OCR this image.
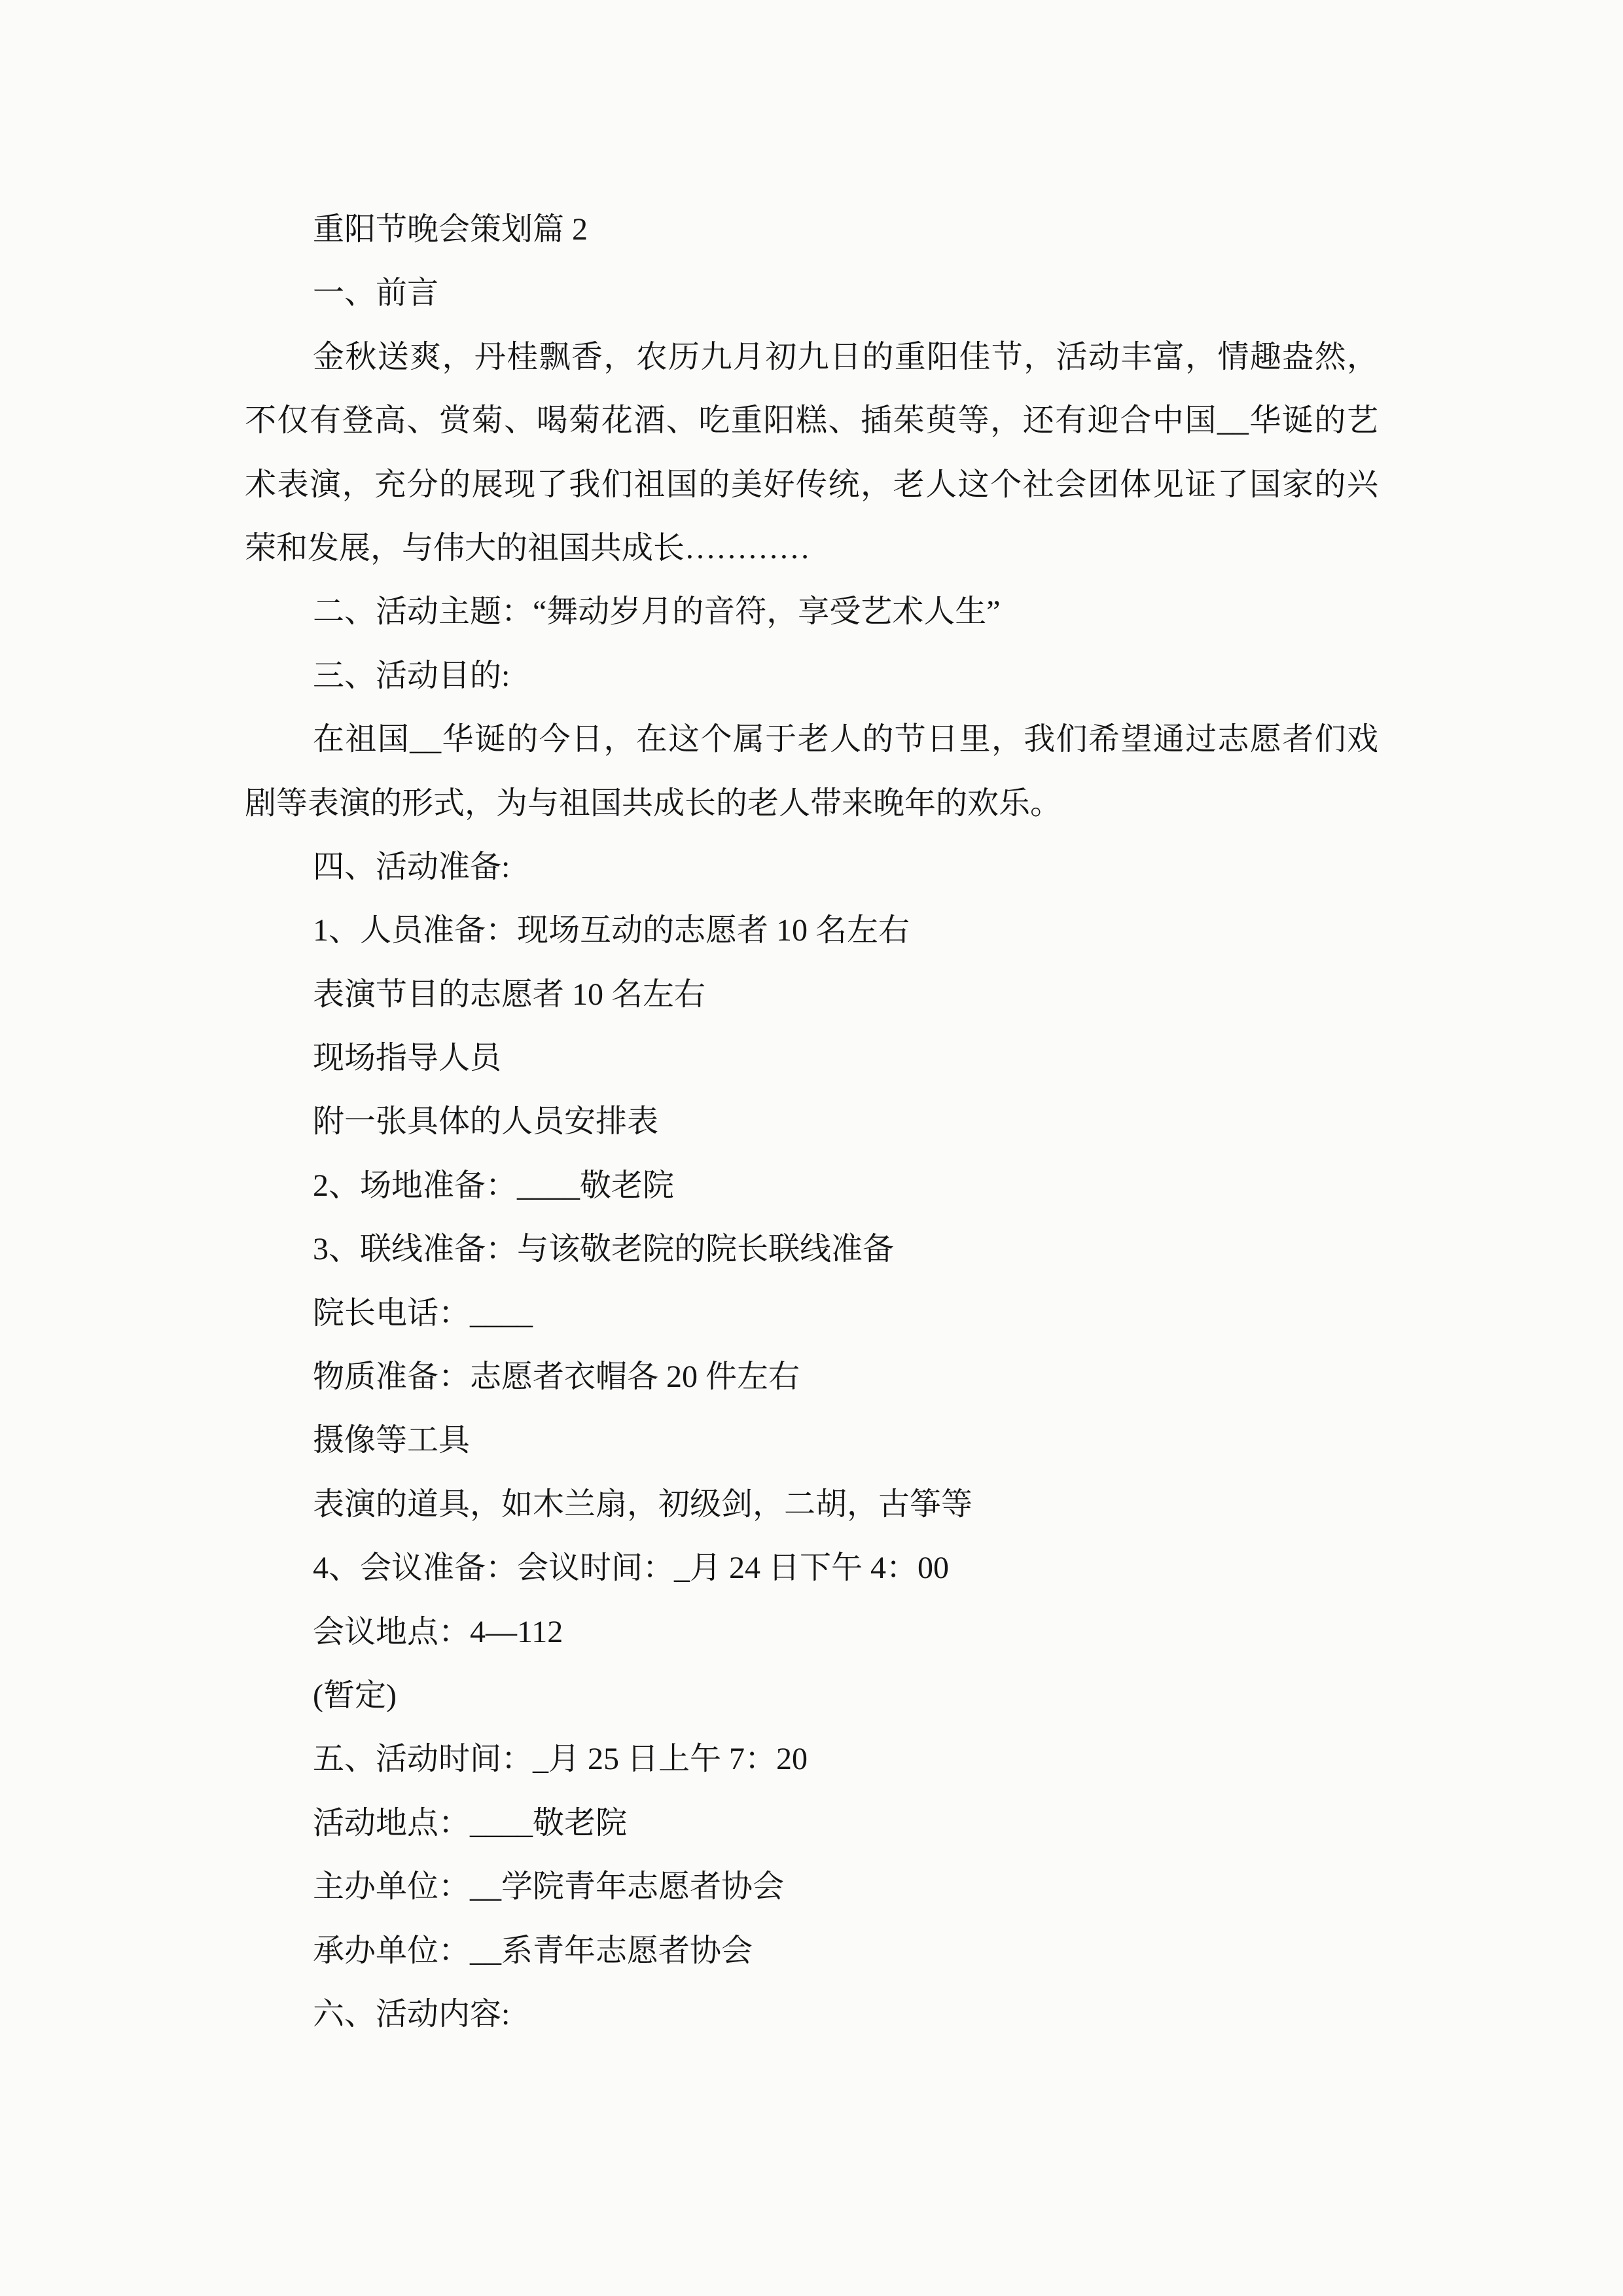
重阳节晚会策划篇 2
一、前言
金秋送爽，丹桂飘香，农历九月初九日的重阳佳节，活动丰富，情趣盎然，
不仅有登高、赏菊、喝菊花酒、吃重阳糕、插茱萸等，还有迎合中国__华诞的艺
术表演，充分的展现了我们祖国的美好传统，老人这个社会团体见证了国家的兴
荣和发展，与伟大的祖国共成长…………
二、活动主题：“舞动岁月的音符，享受艺术人生”
三、活动目的:
在祖国__华诞的今日，在这个属于老人的节日里，我们希望通过志愿者们戏
剧等表演的形式，为与祖国共成长的老人带来晚年的欢乐。
四、活动准备:
1、人员准备：现场互动的志愿者 10 名左右
表演节目的志愿者 10 名左右
现场指导人员
附一张具体的人员安排表
2、场地准备：____敬老院
3、联线准备：与该敬老院的院长联线准备
院长电话：____
物质准备：志愿者衣帽各 20 件左右
摄像等工具
表演的道具，如木兰扇，初级剑，二胡，古筝等
4、会议准备：会议时间：_月 24 日下午 4：00
会议地点：4—112
(暂定)
五、活动时间：_月 25 日上午 7：20
活动地点：____敬老院
主办单位：__学院青年志愿者协会
承办单位：__系青年志愿者协会
六、活动内容:
